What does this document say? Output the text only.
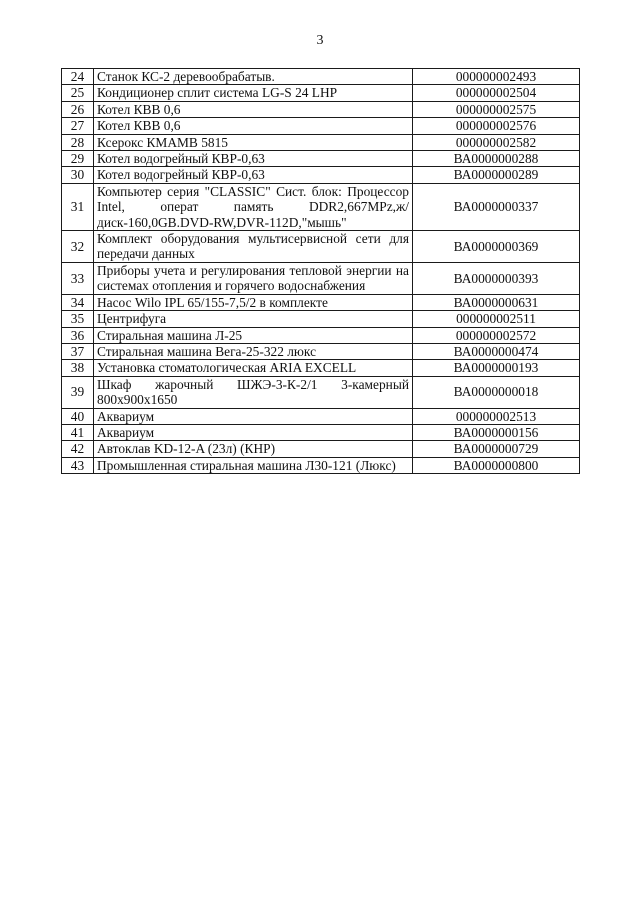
3
24	Станок КС-2 деревообрабатыв.	000000002493
25	Кондиционер сплит система LG-S 24 LHP	000000002504
26	Котел КВВ 0,6	000000002575
27	Котел КВВ 0,6	000000002576
28	Ксерокс КМАМВ 5815	000000002582
29	Котел водогрейный КВР-0,63	ВА0000000288
30	Котел водогрейный КВР-0,63	ВА0000000289
31	Компьютер серия "CLASSIC" Сист. блок: Процессор Intel, операт память DDR2,667MPz,ж/диск-160,0GB.DVD-RW,DVR-112D,"мышь"	ВА0000000337
32	Комплект оборудования мультисервисной сети для передачи данных	ВА0000000369
33	Приборы учета и регулирования тепловой энергии на системах отопления и горячего водоснабжения	ВА0000000393
34	Насос Wilo IPL 65/155-7,5/2 в комплекте	ВА0000000631
35	Центрифуга	000000002511
36	Стиральная машина Л-25	000000002572
37	Стиральная машина Вега-25-322 люкс	ВА0000000474
38	Установка стоматологическая ARIA EXCELL	ВА0000000193
39	Шкаф жарочный ШЖЭ-3-К-2/1 3-камерный 800х900х1650	ВА0000000018
40	Аквариум	000000002513
41	Аквариум	ВА0000000156
42	Автоклав KD-12-A (23л) (КНР)	ВА0000000729
43	Промышленная стиральная машина Л30-121 (Люкс)	ВА0000000800
